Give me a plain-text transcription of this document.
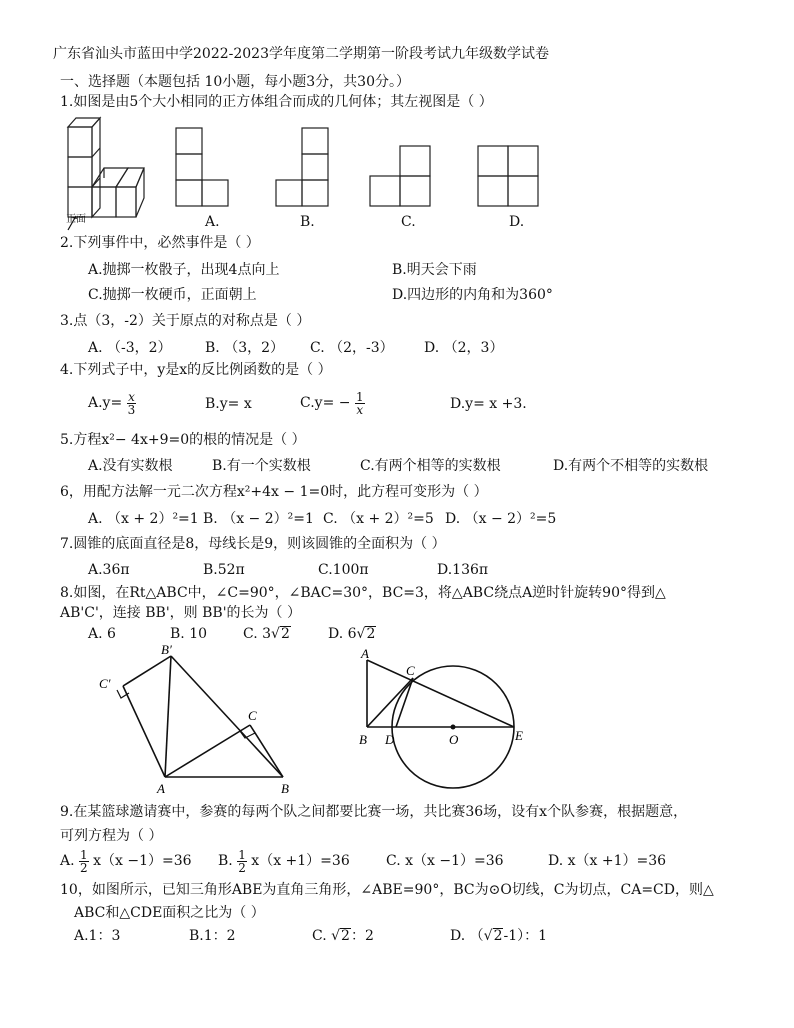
广东省汕头市蓝田中学2022-2023学年度第二学期第一阶段考试九年级数学试卷
一、选择题（本题包括 10小题，每小题3分，共30分。）
1.如图是由5个大小相同的正方体组合而成的几何体；其左视图是（ ）
正面	A.	B.	C.	D.
2.下列事件中，必然事件是（ ）
A.抛掷一枚骰子，出现4点向上	B.明天会下雨
C.抛掷一枚硬币，正面朝上	D.四边形的内角和为360°
3.点（3，-2）关于原点的对称点是（ ）
A. （-3，2） B. （3，2） C. （2，-3） D. （2，3）
4.下列式子中，y是x的反比例函数的是（ ）
$A.y= \frac{x}{3}$	B.y= x	$C.y= - \frac{1}{x}$	D.y= x +3.
5.方程x²− 4x+9=0的根的情况是（ ）
A.没有实数根	B.有一个实数根	C.有两个相等的实数根	D.有两个不相等的实数根
6，用配方法解一元二次方程x²+4x − 1=0时，此方程可变形为（ ）
A. （x + 2）²=1 B. （x − 2）²=1 C. （x + 2）²=5 D. （x − 2）²=5
7.圆锥的底面直径是8，母线长是9，则该圆锥的全面积为（ ）
A.36π	B.52π	C.100π	D.136π
8.如图，在Rt△ABC中，∠C=90°，∠BAC=30°，BC=3，将△ABC绕点A逆时针旋转90°得到△
AB'C'，连接 BB'，则 BB'的长为（ ）
A. 6	B. 10	C. 3√2	D. 6√2
B′
C′
C
A	B
A
C
B D	O	E
9.在某篮球邀请赛中，参赛的每两个队之间都要比赛一场，共比赛36场，设有x个队参赛，根据题意，
可列方程为（ ）
A. $\frac{1}{2} x(x -1)=36$ B. $\frac{1}{2} x(x +1)=36$	C. x（x −1）=36	D. x（x +1）=36
10，如图所示，已知三角形ABE为直角三角形，∠ABE=90°，BC为⊙O切线，C为切点，CA=CD，则△
ABC和△CDE面积之比为（ ）
A.1：3	B.1：2	C. √2：2	D. （√2-1）：1
